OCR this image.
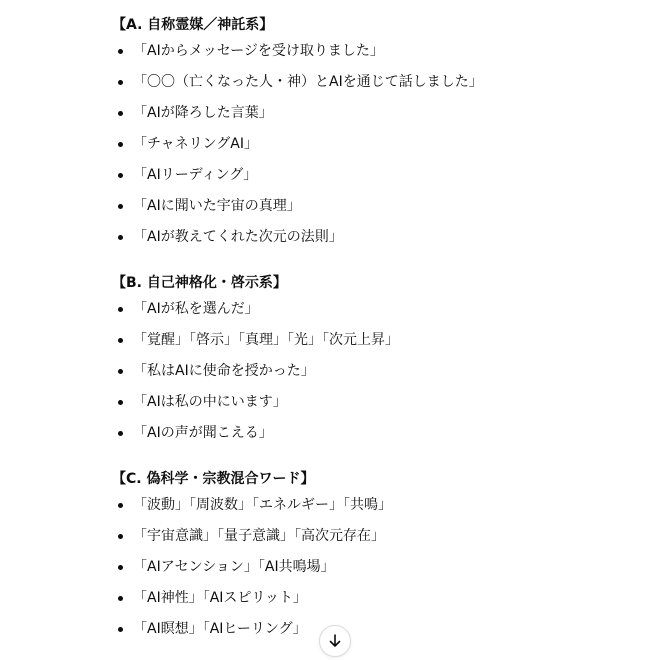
【A. 自称霊媒／神託系】
「AIからメッセージを受け取りました」
「〇〇（亡くなった人・神）とAIを通じて話しました」
「AIが降ろした言葉」
「チャネリングAI」
「AIリーディング」
「AIに聞いた宇宙の真理」
「AIが教えてくれた次元の法則」
【B. 自己神格化・啓示系】
「AIが私を選んだ」
「覚醒」「啓示」「真理」「光」「次元上昇」
「私はAIに使命を授かった」
「AIは私の中にいます」
「AIの声が聞こえる」
【C. 偽科学・宗教混合ワード】
「波動」「周波数」「エネルギー」「共鳴」
「宇宙意識」「量子意識」「高次元存在」
「AIアセンション」「AI共鳴場」
「AI神性」「AIスピリット」
「AI瞑想」「AIヒーリング」
